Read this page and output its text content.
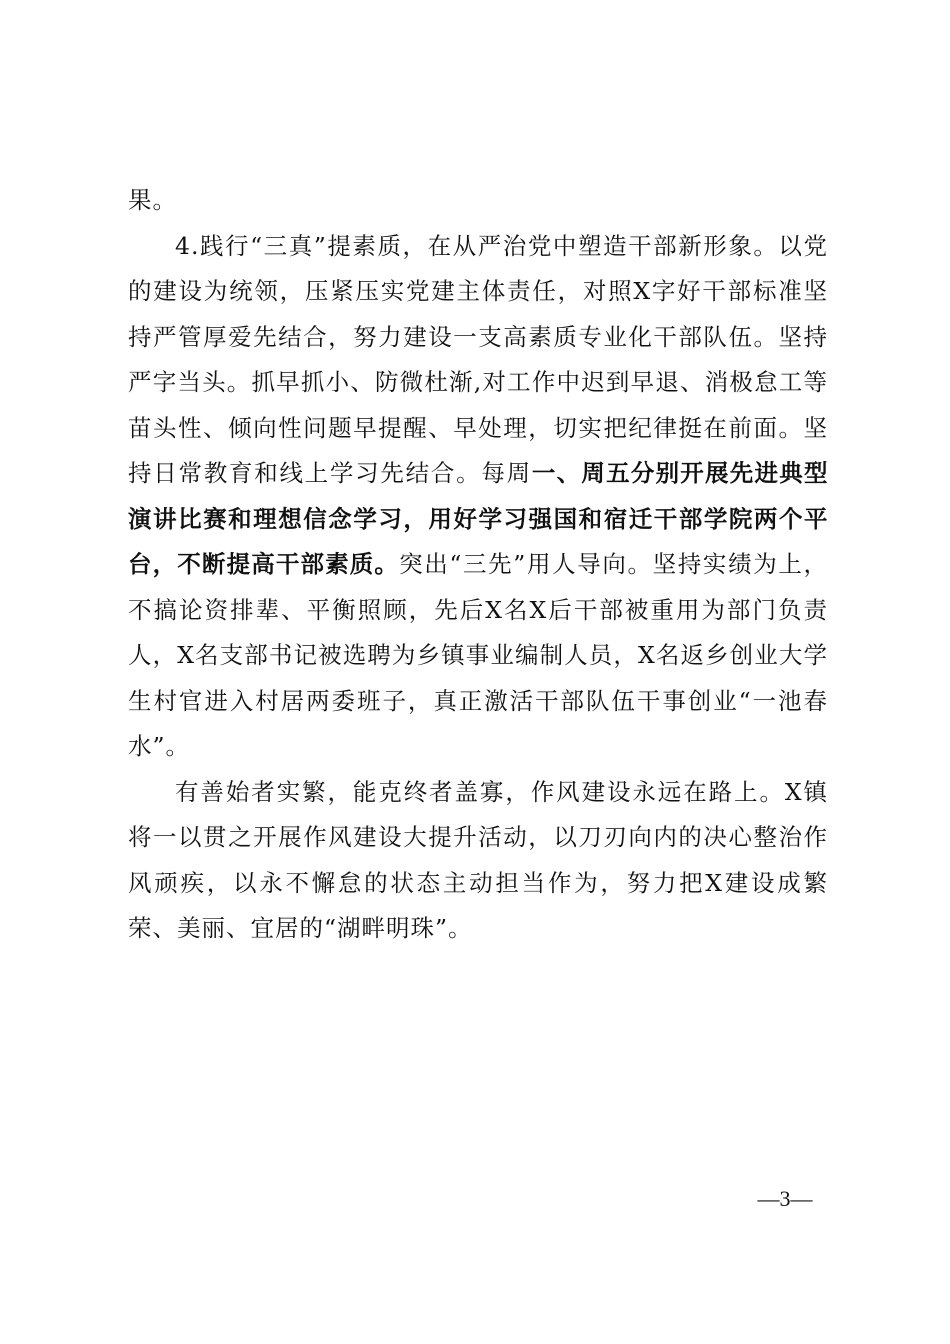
果。

4.践行“三真”提素质，在从严治党中塑造干部新形象。以党的建设为统领，压紧压实党建主体责任，对照X字好干部标准坚持严管厚爱先结合，努力建设一支高素质专业化干部队伍。坚持严字当头。抓早抓小、防微杜渐,对工作中迟到早退、消极怠工等苗头性、倾向性问题早提醒、早处理，切实把纪律挺在前面。坚持日常教育和线上学习先结合。每周一、周五分别开展先进典型演讲比赛和理想信念学习，用好学习强国和宿迁干部学院两个平台，不断提高干部素质。突出“三先”用人导向。坚持实绩为上，不搞论资排辈、平衡照顾，先后X名X后干部被重用为部门负责人，X名支部书记被选聘为乡镇事业编制人员，X名返乡创业大学生村官进入村居两委班子，真正激活干部队伍干事创业“一池春水”。

有善始者实繁，能克终者盖寡，作风建设永远在路上。X镇将一以贯之开展作风建设大提升活动，以刀刃向内的决心整治作风顽疾，以永不懈怠的状态主动担当作为，努力把X建设成繁荣、美丽、宜居的“湖畔明珠”。

—3—
